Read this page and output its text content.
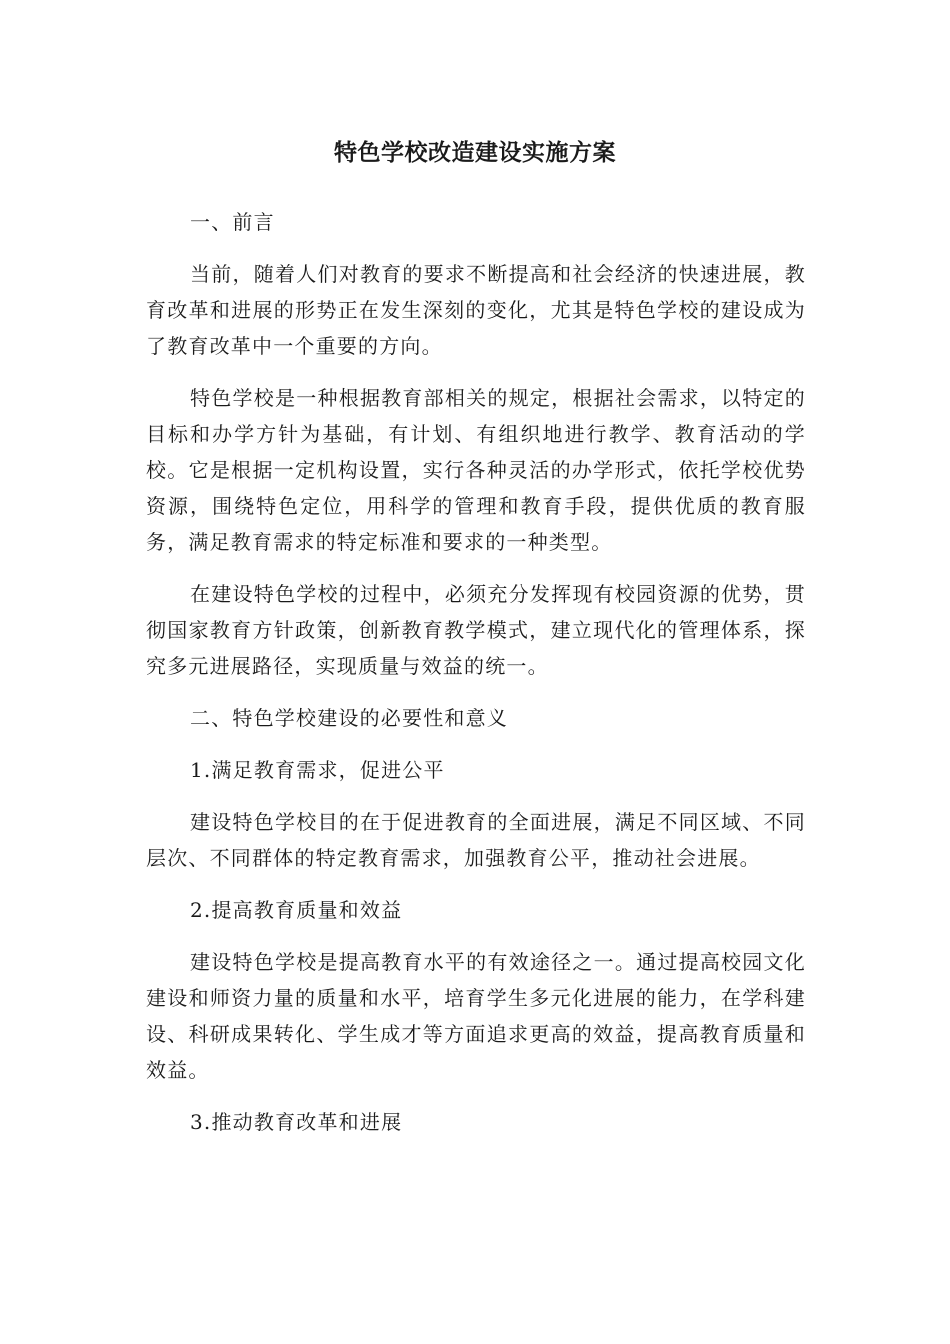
特色学校改造建设实施方案

一、前言

当前，随着人们对教育的要求不断提高和社会经济的快速进展，教育改革和进展的形势正在发生深刻的变化，尤其是特色学校的建设成为了教育改革中一个重要的方向。

特色学校是一种根据教育部相关的规定，根据社会需求，以特定的目标和办学方针为基础，有计划、有组织地进行教学、教育活动的学校。它是根据一定机构设置，实行各种灵活的办学形式，依托学校优势资源，围绕特色定位，用科学的管理和教育手段，提供优质的教育服务，满足教育需求的特定标准和要求的一种类型。

在建设特色学校的过程中，必须充分发挥现有校园资源的优势，贯彻国家教育方针政策，创新教育教学模式，建立现代化的管理体系，探究多元进展路径，实现质量与效益的统一。

二、特色学校建设的必要性和意义

1.满足教育需求，促进公平

建设特色学校目的在于促进教育的全面进展，满足不同区域、不同层次、不同群体的特定教育需求，加强教育公平，推动社会进展。

2.提高教育质量和效益

建设特色学校是提高教育水平的有效途径之一。通过提高校园文化建设和师资力量的质量和水平，培育学生多元化进展的能力，在学科建设、科研成果转化、学生成才等方面追求更高的效益，提高教育质量和效益。

3.推动教育改革和进展
